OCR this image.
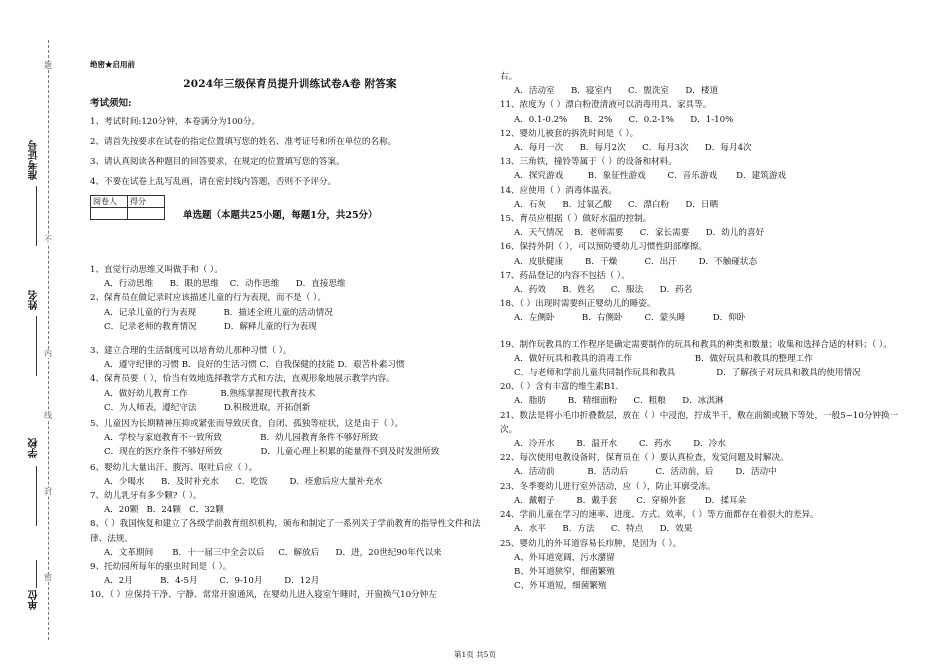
准考证号
姓名
学校
单位
题
不
内
线
封
密
绝密★启用前
2024年三级保育员提升训练试卷A卷 附答案
考试须知:
1、考试时间:120分钟，本卷满分为100分。
2、请首先按要求在试卷的指定位置填写您的姓名、准考证号和所在单位的名称。
3、请认真阅读各种题目的回答要求，在规定的位置填写您的答案。
4、不要在试卷上乱写乱画，请在密封线内答题，否则不予评分。
阅卷人	得分

单选题（本题共25小题，每题1分，共25分）
1、直觉行动思维又叫做手和（ ）。
A．行动思维      B．眼的思维    C．动作思维      D．直接思维
2、保育员在做记录时应该描述儿童的行为表现，而不是（ ）。
A．记录儿童的行为表现          B．描述全班儿童的活动情况
C．记录老师的教育情况          D．解释儿童的行为表现
3、建立合理的生活制度可以培育幼儿那种习惯（ ）。
A．遵守纪律的习惯 B．良好的生活习惯 C．自我保健的技能 D．艰苦朴素习惯
4、保育员要（ ），恰当有效地选择教学方式和方法，直观形象地展示教学内容。
A．做好幼儿教育工作            B.熟练掌握现代教育技术
C．为人师表，遵纪守法          D.积极进取，开拓创新
5、儿童因为长期精神压抑或紧张而导致厌食，自闭、孤独等症状，这是由于（ ）。
A．学校与家庭教育不一致所致              B．幼儿园教育条件不够好所致
C．现在的医疗条件不够好所致              D．儿童心理上积累的能量得不到及时发泄所致
6、婴幼儿大量出汗、腹泻、呕吐后应（ ）。
A．少喝水      B．及时补充水      C．吃饭        D．痊愈后应大量补充水
7、幼儿乳牙有多少颗?（ ）。
A．20颗   B．24颗   C．32颗
8、（ ）我国恢复和建立了各级学前教育组织机构，颁布和制定了一系列关于学前教育的指导性文件和法律、法规。
A．文革期间       B．十一届三中全会以后     C．解放后      D．进，20世纪90年代以来
9、托幼园所每年的驱虫时间是（ ）。
A．2月          B．4-5月        C．9-10月        D．12月
10、（ ）应保持干净、宁静、常常开窗通风，在婴幼儿进入寝室午睡时，开窗换气10分钟左
右。
A．活动室      B．寝室内      C．盥洗室      D．楼道
11、浓度为（ ）漂白粉澄清液可以消毒用具、家具等。
A．0.1-0.2%      B．2%      C．0.2-1%      D．1-10%
12、婴幼儿被套的拆洗时间是（ ）。
A．每月一次      B．每月2次      C．每月3次      D．每月4次
13、三角铁，撞铃等属于（ ）的设备和材料。
A．探究游戏         B．象征性游戏        C．音乐游戏       D．建筑游戏
14、应使用（ ）消毒体温表。
A．石灰      B．过氧乙酸      C．漂白粉      D．日晒
15、育员应根据（ ）做好水温的控制。
A．天气情况    B．老师需要      C．家长需要      D．幼儿的喜好
16、保持外阴（ ），可以预防婴幼儿习惯性阴部摩擦。
A．皮肤健康        B．干燥          C．出汗        D．不触碰状态
17、药品登记的内容不包括（ ）。
A．药效      B．姓名      C．服法      D．药名
18、（ ）出现时需要纠正婴幼儿的睡姿。
A．左侧卧          B．右侧卧        C．蒙头睡          D．仰卧
19、制作玩教具的工作程序是确定需要制作的玩具和教具的种类和数量；收集和选择合适的材料；（ ）。
A．做好玩具和教具的消毒工作                       B．做好玩具和教具的整理工作
C．与老师和学前儿童共同制作玩具和教具               D．了解孩子对玩具和教具的使用情况
20、（ ）含有丰富的维生素B1.
A．脂肪        B．精细面粉      C．粗粮      D．冰淇淋
21、数法是将小毛巾折叠数层，放在（ ）中浸泡，拧成半干，敷在前额或腋下等处，一般5~10分钟换一次。
A．冷开水        B．温开水        C．药水        D．冷水
22、每次使用电教设备时，保育员在（ ）要认真检查，发觉问题及时解决。
A．活动前            B．活动后          C．活动前，后        D．活动中
23、冬季婴幼儿进行室外活动，应（ ），防止耳廓受冻。
A．戴帽子        B．戴手套       C．穿棉外套       D．揉耳朵
24、学前儿童在学习的速率、进度、方式、效率，（ ）等方面都存在着很大的差异。
A．水平      B．方法      C．特点      D．效果
25、婴幼儿的外耳道容易长疖肿，是因为（ ）。
A、外耳道宽阔，污水潴留
B、外耳道狭窄，细菌繁殖
C、外耳道短，细菌繁殖
第1页 共5页
